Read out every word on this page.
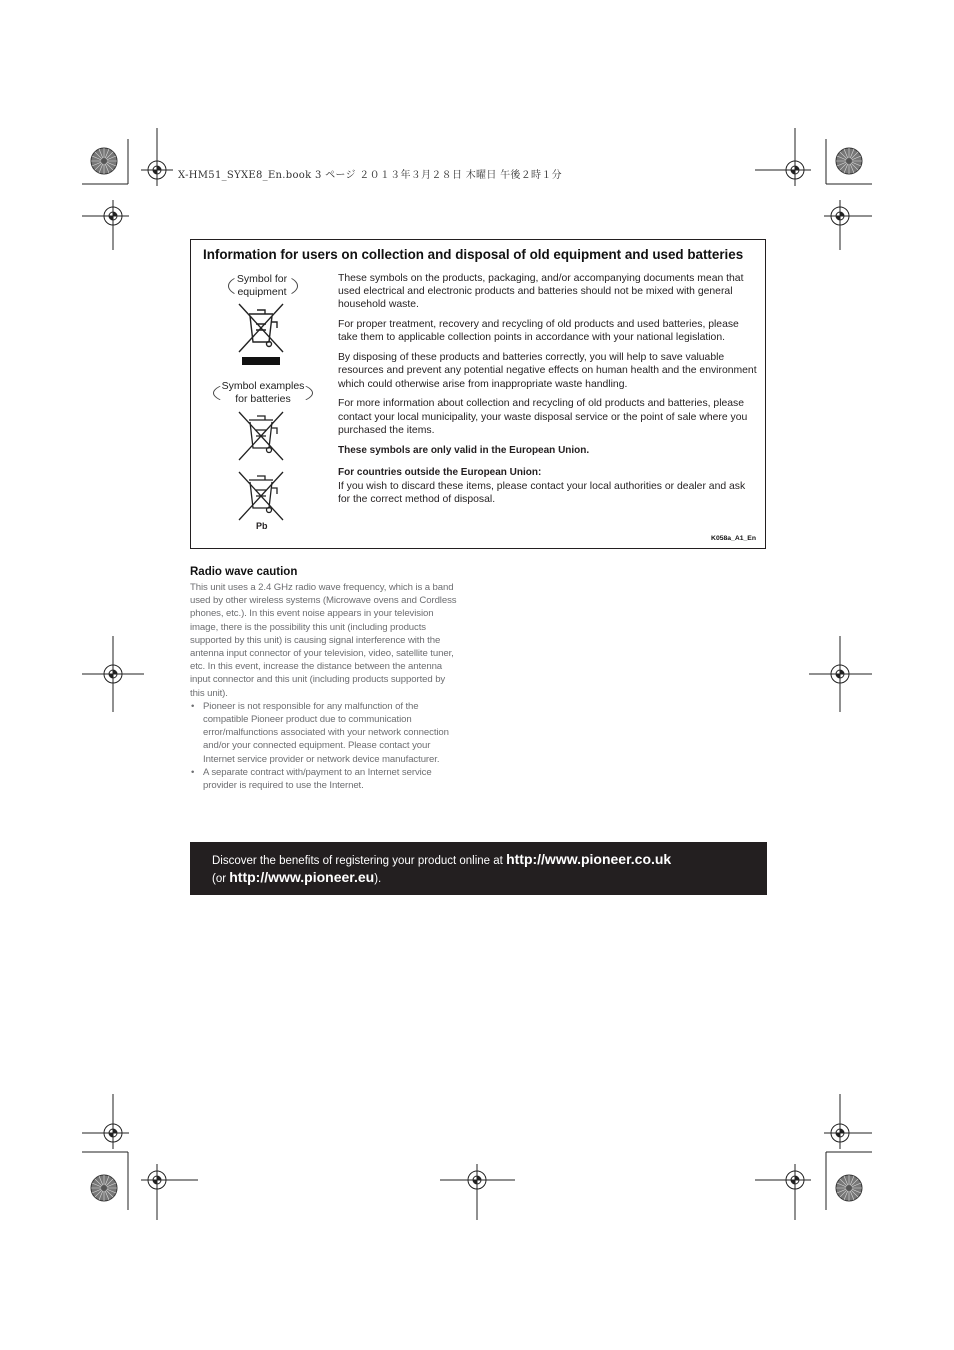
X-HM51_SYXE8_En.book 3 ページ ２０１３年３月２８日 木曜日 午後２時１分
Information for users on collection and disposal of old equipment and used batteries
Symbol for
equipment
Symbol examples
for batteries
Pb

These symbols on the products, packaging, and/or accompanying documents mean that used electrical and electronic products and batteries should not be mixed with general household waste.

For proper treatment, recovery and recycling of old products and used batteries, please take them to applicable collection points in accordance with your national legislation.

By disposing of these products and batteries correctly, you will help to save valuable resources and prevent any potential negative effects on human health and the environment which could otherwise arise from inappropriate waste handling.

For more information about collection and recycling of old products and batteries, please contact your local municipality, your waste disposal service or the point of sale where you purchased the items.

These symbols are only valid in the European Union.

For countries outside the European Union:

If you wish to discard these items, please contact your local authorities or dealer and ask for the correct method of disposal.

K058a_A1_En
Radio wave caution

This unit uses a 2.4 GHz radio wave frequency, which is a band used by other wireless systems (Microwave ovens and Cordless phones, etc.). In this event noise appears in your television image, there is the possibility this unit (including products supported by this unit) is causing signal interference with the antenna input connector of your television, video, satellite tuner, etc. In this event, increase the distance between the antenna input connector and this unit (including products supported by this unit).

• Pioneer is not responsible for any malfunction of the compatible Pioneer product due to communication error/malfunctions associated with your network connection and/or your connected equipment. Please contact your Internet service provider or network device manufacturer.
• A separate contract with/payment to an Internet service provider is required to use the Internet.
Discover the benefits of registering your product online at http://www.pioneer.co.uk
(or http://www.pioneer.eu).
